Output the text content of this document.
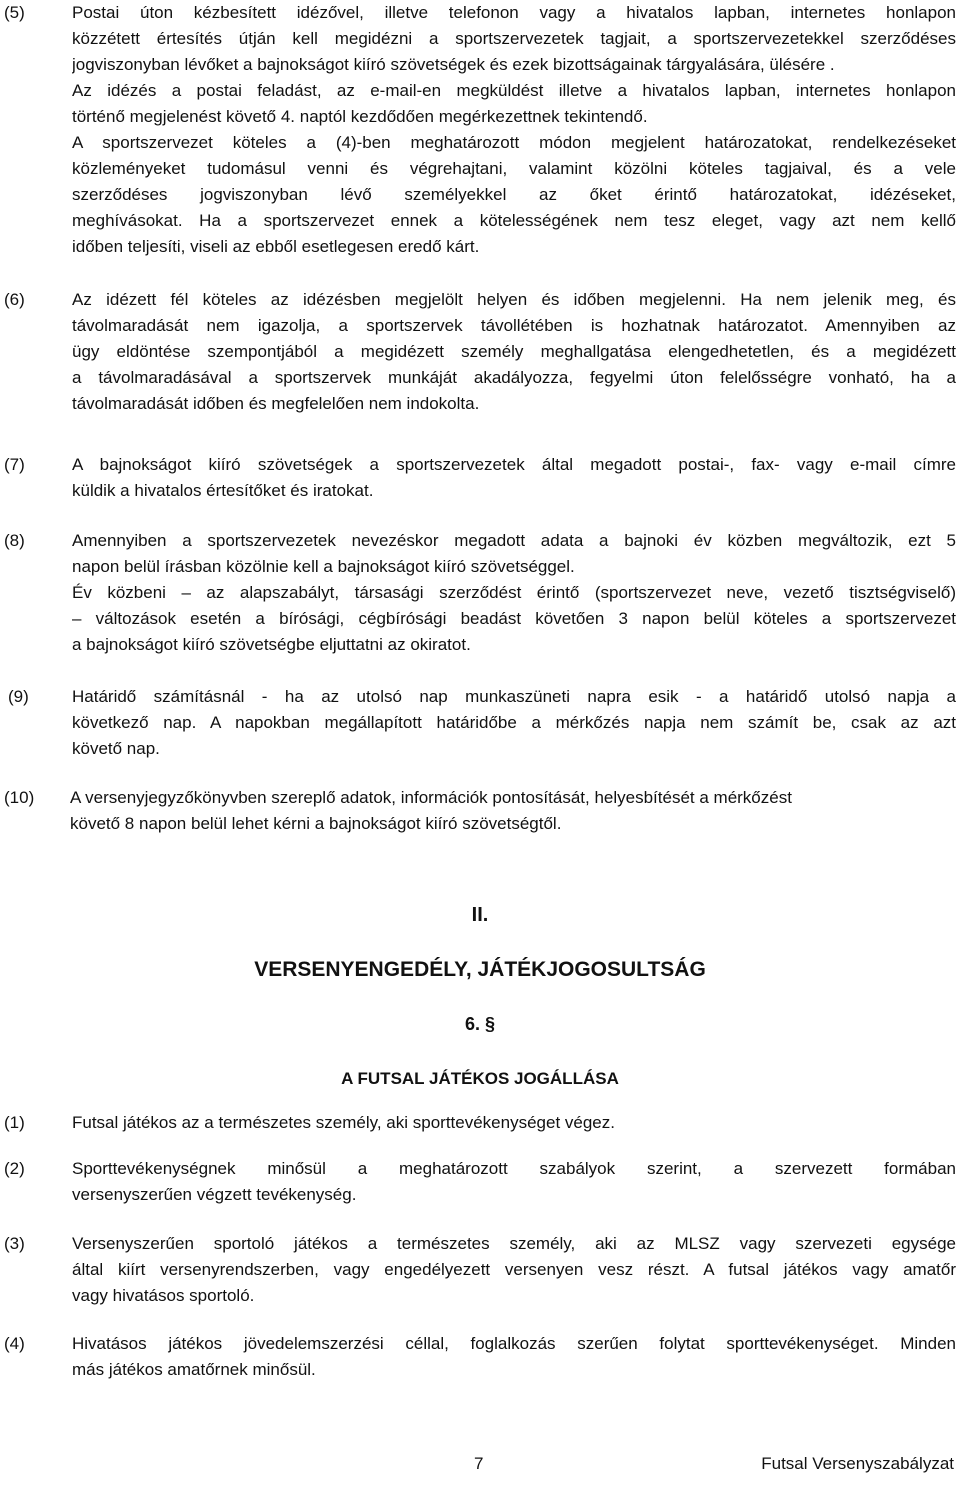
(5)	Postai úton kézbesített idézővel, illetve telefonon vagy a hivatalos lapban, internetes honlapon
közzétett értesítés útján kell megidézni a sportszervezetek tagjait, a sportszervezetekkel szerződéses
jogviszonyban lévőket a bajnokságot kiíró szövetségek és ezek bizottságainak tárgyalására, ülésére .
Az idézés a postai feladást, az e-mail-en megküldést illetve a hivatalos lapban, internetes honlapon
történő megjelenést követő 4. naptól kezdődően megérkezettnek tekintendő.
A sportszervezet köteles a (4)-ben meghatározott módon megjelent határozatokat, rendelkezéseket
közleményeket tudomásul venni és végrehajtani, valamint közölni köteles tagjaival, és a vele
szerződéses jogviszonyban lévő személyekkel az őket érintő határozatokat, idézéseket,
meghívásokat. Ha a sportszervezet ennek a kötelességének nem tesz eleget, vagy azt nem kellő
időben teljesíti, viseli az ebből esetlegesen eredő kárt.
(6)	Az idézett fél köteles az idézésben megjelölt helyen és időben megjelenni. Ha nem jelenik meg, és
távolmaradását nem igazolja, a sportszervek távollétében is hozhatnak határozatot. Amennyiben az
ügy eldöntése szempontjából a megidézett személy meghallgatása elengedhetetlen, és a megidézett
a távolmaradásával a sportszervek munkáját akadályozza, fegyelmi úton felelősségre vonható, ha a
távolmaradását időben és megfelelően nem indokolta.
(7)	A bajnokságot kiíró szövetségek a sportszervezetek által megadott postai-, fax- vagy e-mail címre
küldik a hivatalos értesítőket és iratokat.
(8)	Amennyiben a sportszervezetek nevezéskor megadott adata a bajnoki év közben megváltozik, ezt 5
napon belül írásban közölnie kell a bajnokságot kiíró szövetséggel.
Év közbeni – az alapszabályt, társasági szerződést érintő (sportszervezet neve, vezető tisztségviselő)
– változások esetén a bírósági, cégbírósági beadást követően 3 napon belül köteles a sportszervezet
a bajnokságot kiíró szövetségbe eljuttatni az okiratot.
(9)	Határidő számításnál - ha az utolsó nap munkaszüneti napra esik - a határidő utolsó napja a
következő nap. A napokban megállapított határidőbe a mérkőzés napja nem számít be, csak az azt
követő nap.
(10) A versenyjegyzőkönyvben szereplő adatok, információk pontosítását, helyesbítését a mérkőzést
követő 8 napon belül lehet kérni a bajnokságot kiíró szövetségtől.
II.
VERSENYENGEDÉLY, JÁTÉKJOGOSULTSÁG
6. §
A FUTSAL JÁTÉKOS JOGÁLLÁSA
(1)	Futsal játékos az a természetes személy, aki sporttevékenységet végez.
(2)	Sporttevékenységnek minősül a meghatározott szabályok szerint, a szervezett formában
versenyszerűen végzett tevékenység.
(3)	Versenyszerűen sportoló játékos a természetes személy, aki az MLSZ vagy szervezeti egysége
által kiírt versenyrendszerben, vagy engedélyezett versenyen vesz részt. A futsal játékos vagy amatőr
vagy hivatásos sportoló.
(4)	Hivatásos játékos jövedelemszerzési céllal, foglalkozás szerűen folytat sporttevékenységet. Minden
más játékos amatőrnek minősül.
7	Futsal Versenyszabályzat
